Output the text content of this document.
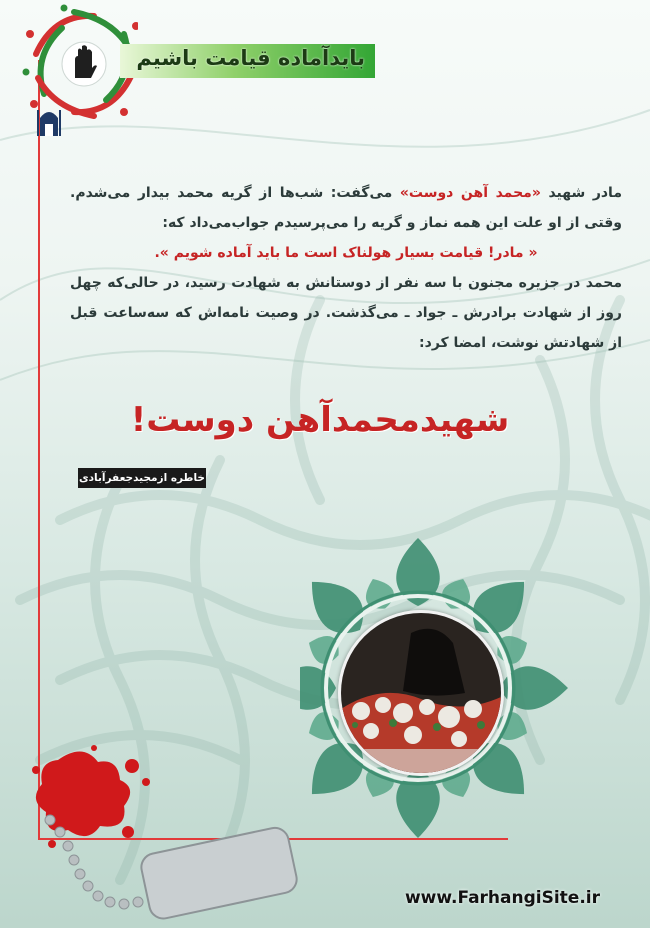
بایدآماده قیامت باشیم

مادر شهید «محمد آهن دوست» می‌گفت: شب‌ها از گریه محمد بیدار می‌شدم. وقتی از او علت این همه نماز و گریه را می‌پرسیدم جواب‌می‌داد که:

« مادر! قیامت بسیار هولناک است ما باید آماده شویم ».

محمد در جزیره مجنون با سه نفر از دوستانش به شهادت رسید، در حالی‌که چهل روز از شهادت برادرش ـ جواد ـ می‌گذشت. در وصیت نامه‌اش که سه‌ساعت قبل از شهادتش نوشت، امضا کرد:

شهیدمحمدآهن دوست!
خاطره ازمجیدجعفرآبادی
www.FarhangiSite.ir
